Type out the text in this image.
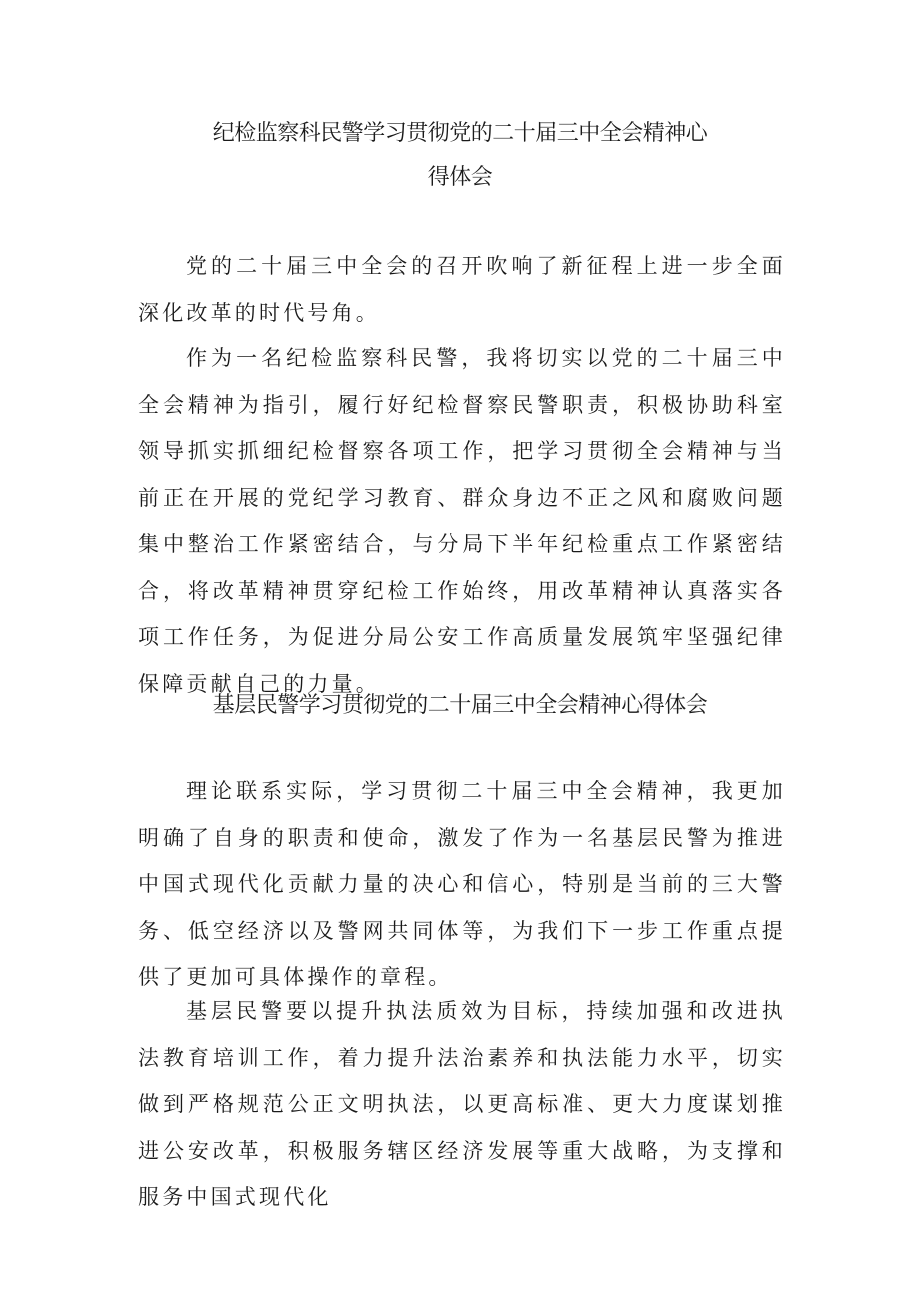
纪检监察科民警学习贯彻党的二十届三中全会精神心
得体会

党的二十届三中全会的召开吹响了新征程上进一步全面深化改革的时代号角。

作为一名纪检监察科民警，我将切实以党的二十届三中全会精神为指引，履行好纪检督察民警职责，积极协助科室领导抓实抓细纪检督察各项工作，把学习贯彻全会精神与当前正在开展的党纪学习教育、群众身边不正之风和腐败问题集中整治工作紧密结合，与分局下半年纪检重点工作紧密结合，将改革精神贯穿纪检工作始终，用改革精神认真落实各项工作任务，为促进分局公安工作高质量发展筑牢坚强纪律保障贡献自己的力量。

基层民警学习贯彻党的二十届三中全会精神心得体会

理论联系实际，学习贯彻二十届三中全会精神，我更加明确了自身的职责和使命，激发了作为一名基层民警为推进中国式现代化贡献力量的决心和信心，特别是当前的三大警务、低空经济以及警网共同体等，为我们下一步工作重点提供了更加可具体操作的章程。

基层民警要以提升执法质效为目标，持续加强和改进执法教育培训工作，着力提升法治素养和执法能力水平，切实做到严格规范公正文明执法，以更高标准、更大力度谋划推进公安改革，积极服务辖区经济发展等重大战略，为支撑和服务中国式现代化
